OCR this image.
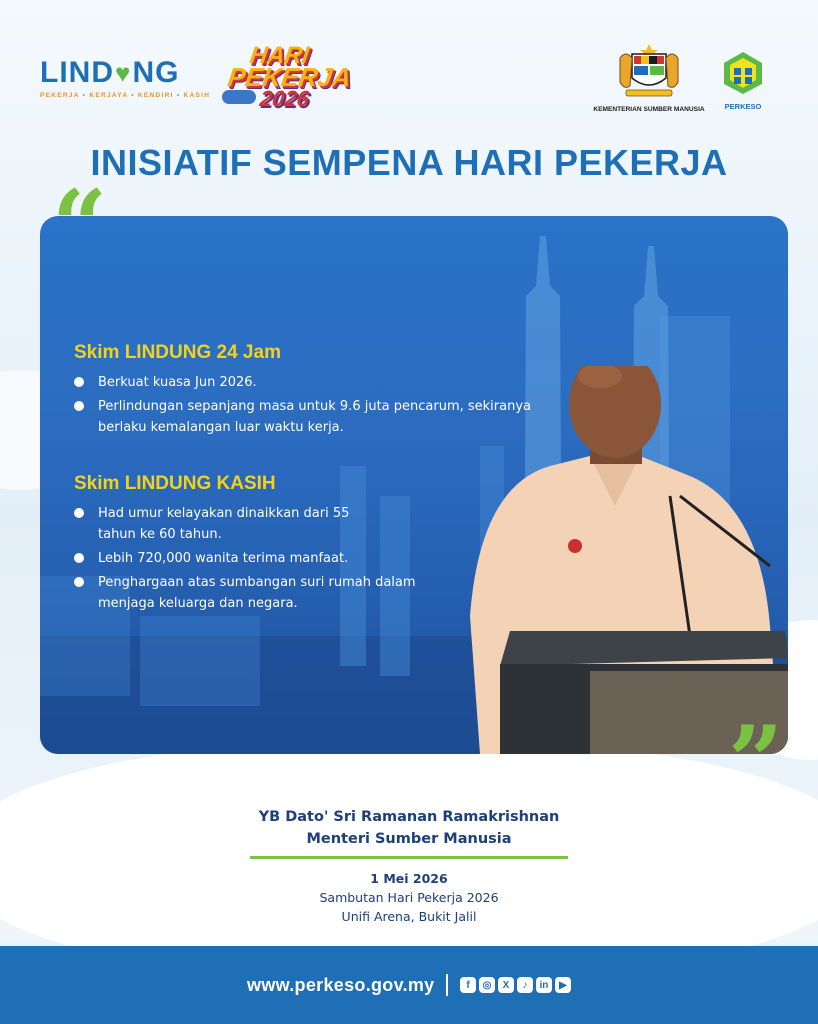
LIND ♥ NG
PEKERJA • KERJAYA • KENDIRI • KASIH
HARI
PEKERJA
2026	KEMENTERIAN SUMBER MANUSIA	PERKESO
INISIATIF SEMPENA HARI PEKERJA
Skim LINDUNG 24 Jam
Berkuat kuasa Jun 2026.
Perlindungan sepanjang masa untuk 9.6 juta pencarum, sekiranya berlaku kemalangan luar waktu kerja.
Skim LINDUNG KASIH
Had umur kelayakan dinaikkan dari 55 tahun ke 60 tahun.
Lebih 720,000 wanita terima manfaat.
Penghargaan atas sumbangan suri rumah dalam menjaga keluarga dan negara.
”
YB Dato' Sri Ramanan Ramakrishnan
Menteri Sumber Manusia
1 Mei 2026
Sambutan Hari Pekerja 2026
Unifi Arena, Bukit Jalil
www.perkeso.gov.my	f	◎	X	♪	in	▶
